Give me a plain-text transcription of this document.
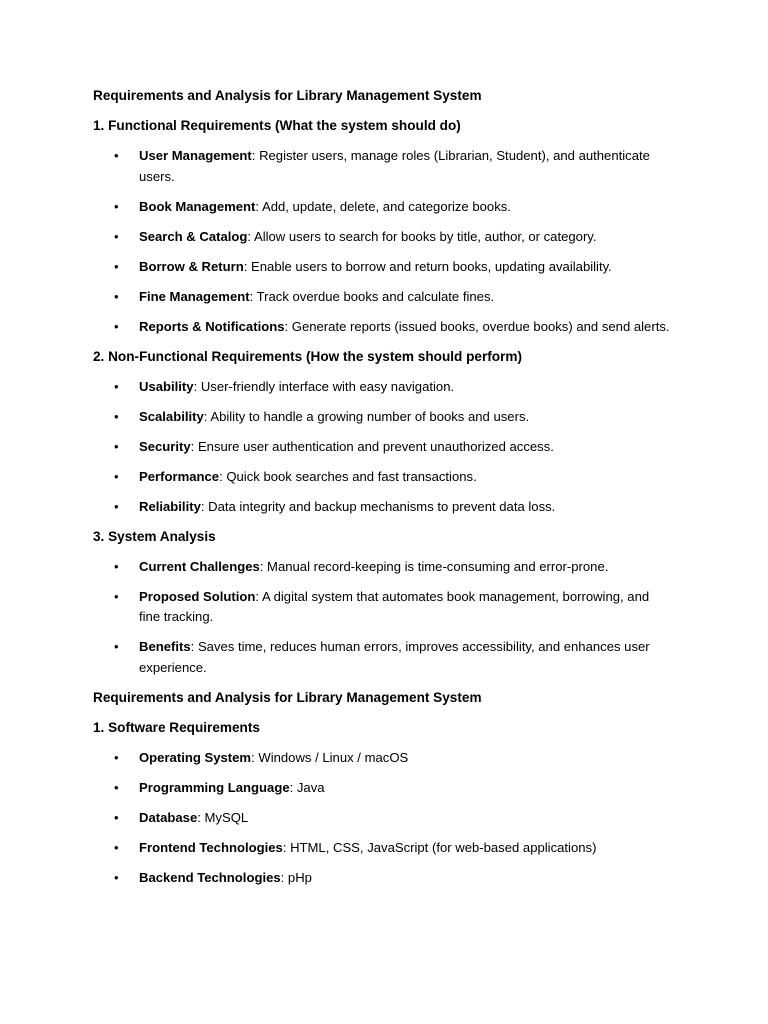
Requirements and Analysis for Library Management System

1. Functional Requirements (What the system should do)

• User Management: Register users, manage roles (Librarian, Student), and authenticate users.
• Book Management: Add, update, delete, and categorize books.
• Search & Catalog: Allow users to search for books by title, author, or category.
• Borrow & Return: Enable users to borrow and return books, updating availability.
• Fine Management: Track overdue books and calculate fines.
• Reports & Notifications: Generate reports (issued books, overdue books) and send alerts.

2. Non-Functional Requirements (How the system should perform)

• Usability: User-friendly interface with easy navigation.
• Scalability: Ability to handle a growing number of books and users.
• Security: Ensure user authentication and prevent unauthorized access.
• Performance: Quick book searches and fast transactions.
• Reliability: Data integrity and backup mechanisms to prevent data loss.

3. System Analysis

• Current Challenges: Manual record-keeping is time-consuming and error-prone.
• Proposed Solution: A digital system that automates book management, borrowing, and fine tracking.
• Benefits: Saves time, reduces human errors, improves accessibility, and enhances user experience.

Requirements and Analysis for Library Management System

1. Software Requirements

• Operating System: Windows / Linux / macOS
• Programming Language: Java
• Database: MySQL
• Frontend Technologies: HTML, CSS, JavaScript (for web-based applications)
• Backend Technologies: pHp
